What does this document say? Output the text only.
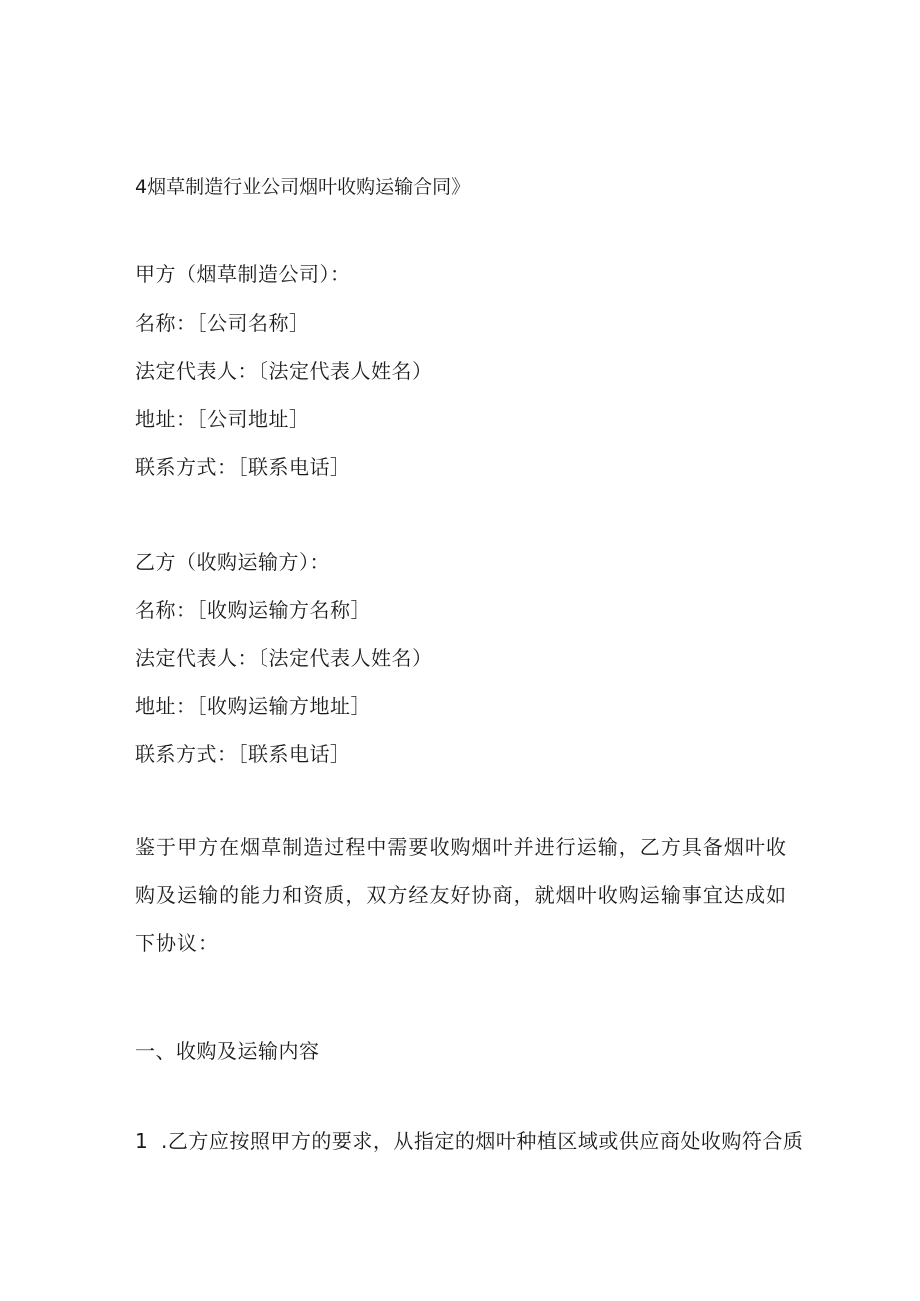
4烟草制造行业公司烟叶收购运输合同》
甲方（烟草制造公司）：
名称：［公司名称］
法定代表人：〔法定代表人姓名）
地址：［公司地址］
联系方式：［联系电话］
乙方（收购运输方）：
名称：［收购运输方名称］
法定代表人：〔法定代表人姓名）
地址：［收购运输方地址］
联系方式：［联系电话］
鉴于甲方在烟草制造过程中需要收购烟叶并进行运输，乙方具备烟叶收购及运输的能力和资质，双方经友好协商，就烟叶收购运输事宜达成如下协议：
一、收购及运输内容
1 .乙方应按照甲方的要求，从指定的烟叶种植区域或供应商处收购符合质
